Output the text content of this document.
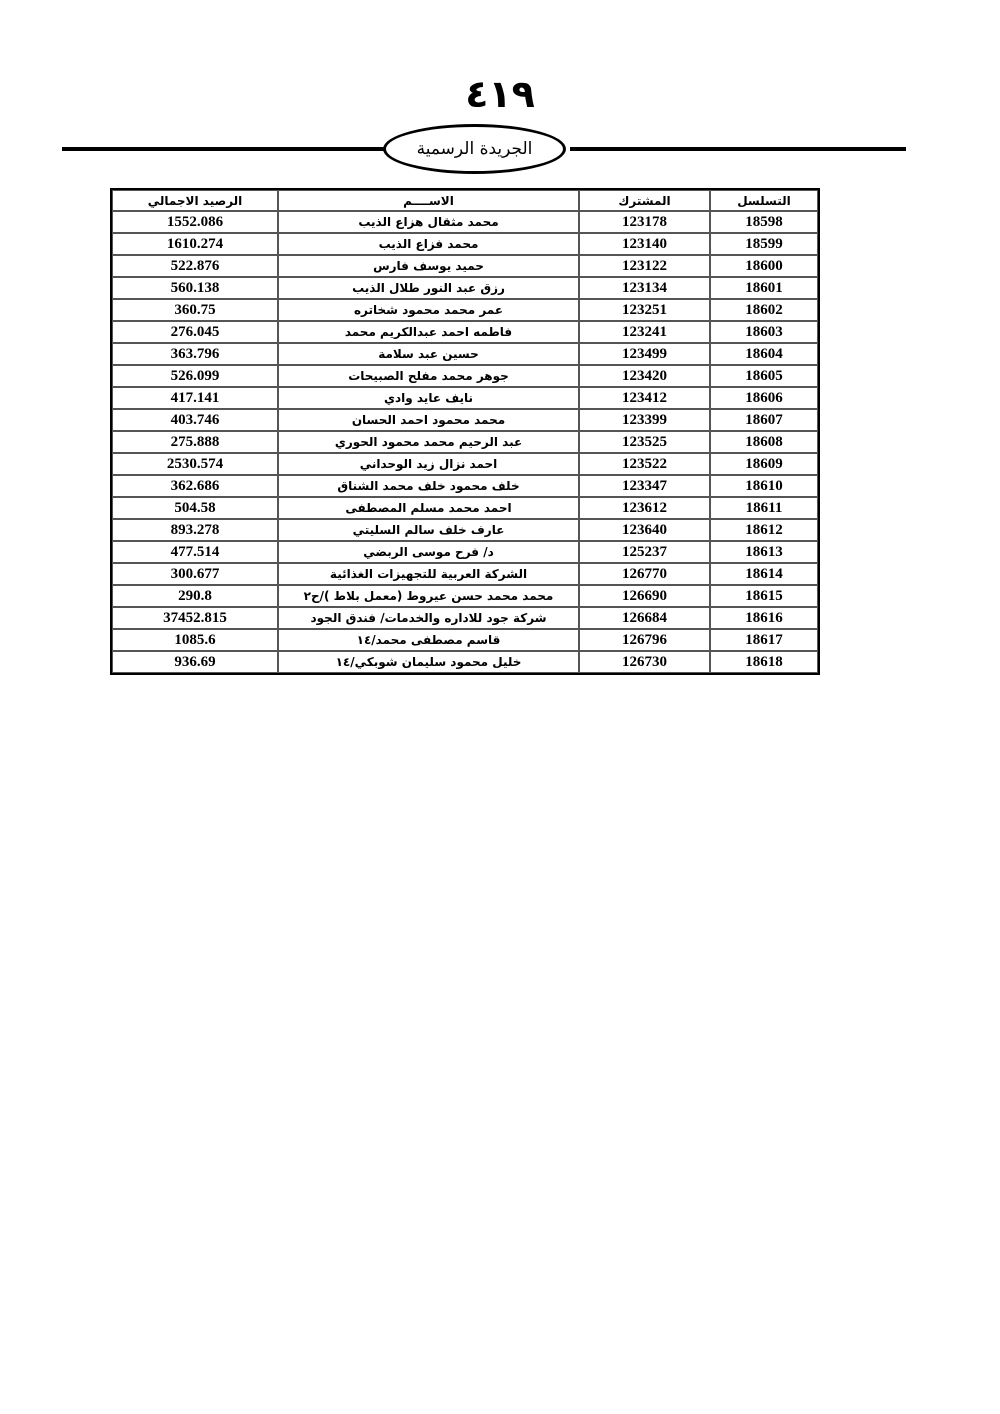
٤١٩
الجريدة الرسمية
التسلسل	المشترك	الاســــم	الرصيد الاجمالي
18598	123178	محمد مثقال هزاع الذيب	1552.086
18599	123140	محمد فزاع الذيب	1610.274
18600	123122	حميد يوسف فارس	522.876
18601	123134	رزق عبد النور طلال الذيب	560.138
18602	123251	عمر محمد محمود شخاتره	360.75
18603	123241	فاطمه احمد عبدالكريم محمد	276.045
18604	123499	حسين عبد سلامة	363.796
18605	123420	جوهر محمد مفلح الصبيحات	526.099
18606	123412	نايف عايد وادي	417.141
18607	123399	محمد محمود احمد الحسان	403.746
18608	123525	عبد الرحيم محمد محمود الحوري	275.888
18609	123522	احمد نزال زيد الوحداني	2530.574
18610	123347	خلف محمود خلف محمد الشناق	362.686
18611	123612	احمد محمد مسلم المصطفى	504.58
18612	123640	عارف خلف سالم السليتي	893.278
18613	125237	د/ فرح موسى الربضي	477.514
18614	126770	الشركة العربية للتجهيزات الغذائية	300.677
18615	126690	محمد محمد حسن عيروط (معمل بلاط )/ح٢	290.8
18616	126684	شركة جود للاداره والخدمات/ فندق الجود	37452.815
18617	126796	قاسم مصطفى محمد/١٤	1085.6
18618	126730	خليل محمود سليمان شوبكي/١٤	936.69
